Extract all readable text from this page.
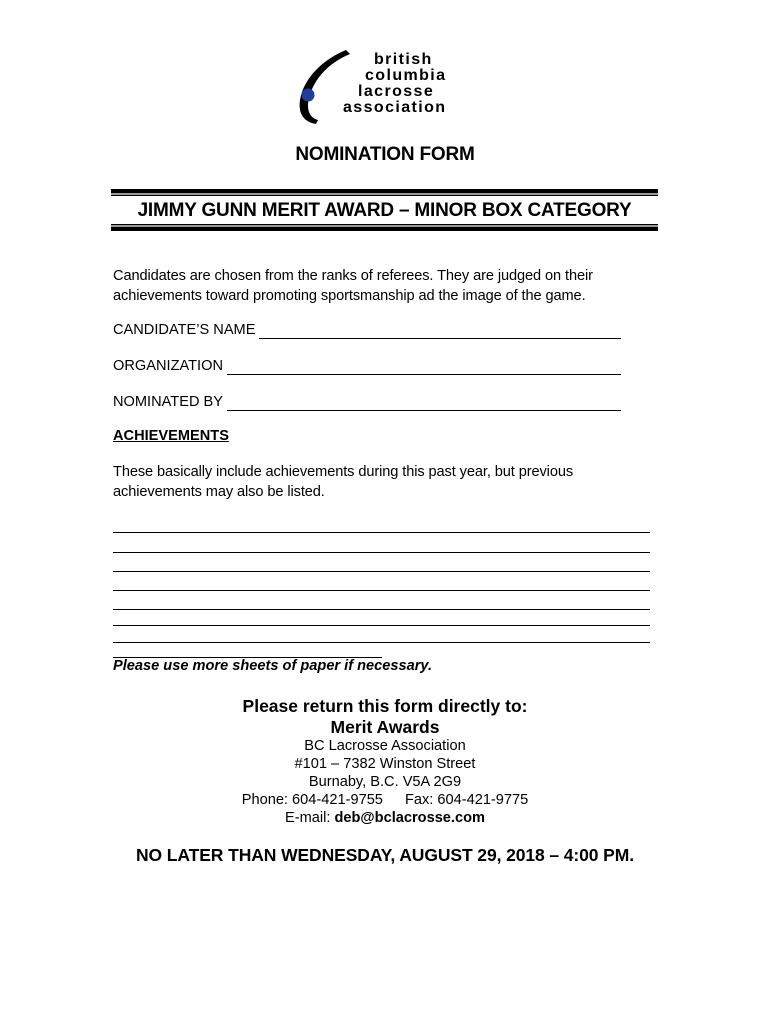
british
columbia
lacrosse
association
NOMINATION FORM
JIMMY GUNN MERIT AWARD – MINOR BOX CATEGORY
Candidates are chosen from the ranks of referees. They are judged on their achievements toward promoting sportsmanship ad the image of the game.
CANDIDATE’S NAME
ORGANIZATION
NOMINATED BY
ACHIEVEMENTS
These basically include achievements during this past year, but previous achievements may also be listed.
Please use more sheets of paper if necessary.
Please return this form directly to:
Merit Awards
BC Lacrosse Association
#101 – 7382 Winston Street
Burnaby, B.C. V5A 2G9
Phone: 604-421-9755 Fax: 604-421-9775
E-mail: deb@bclacrosse.com
NO LATER THAN WEDNESDAY, AUGUST 29, 2018 – 4:00 PM.
